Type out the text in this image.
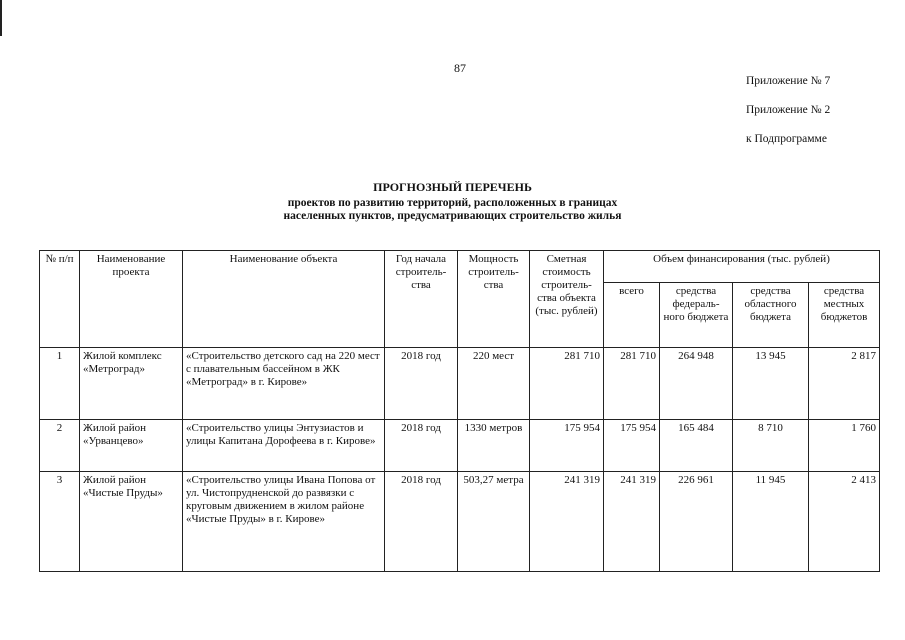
87
Приложение № 7
Приложение № 2
к Подпрограмме
ПРОГНОЗНЫЙ ПЕРЕЧЕНЬ
проектов по развитию территорий, расположенных в границах
населенных пунктов, предусматривающих строительство жилья
№ п/п	Наименование проекта	Наименование объекта	Год начала строитель-ства	Мощность строитель-ства	Сметная стоимость строитель-ства объекта (тыс. рублей)	Объем финансирования (тыс. рублей)			
						всего	средства федераль-ного бюджета	средства областного бюджета	средства местных бюджетов
1	Жилой комплекс «Метроград»	«Строительство детского сад на 220 мест с плавательным бассейном в ЖК «Метроград» в г. Кирове»	2018 год	220 мест	281 710	281 710	264 948	13 945	2 817
2	Жилой район «Урванцево»	«Строительство улицы Энтузиастов и улицы Капитана Дорофеева в г. Кирове»	2018 год	1330 метров	175 954	175 954	165 484	8 710	1 760
3	Жилой район «Чистые Пруды»	«Строительство улицы Ивана Попова от ул. Чистопрудненской до развязки с круговым движением в жилом районе «Чистые Пруды» в г. Кирове»	2018 год	503,27 метра	241 319	241 319	226 961	11 945	2 413
